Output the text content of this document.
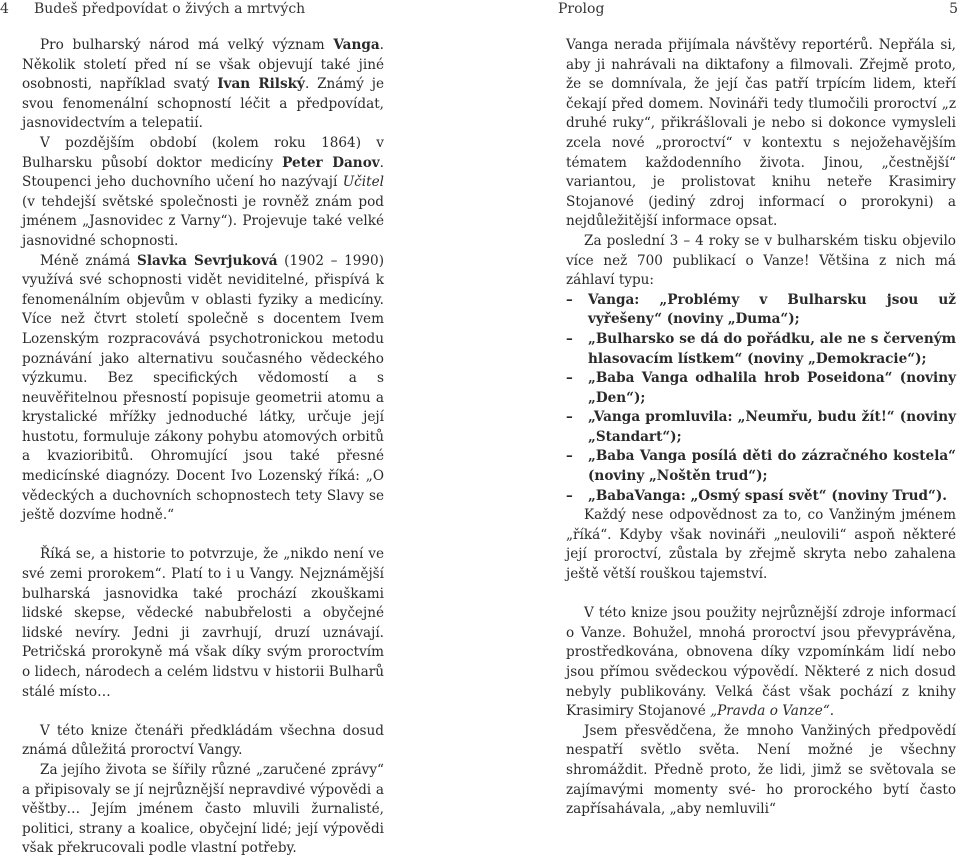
4 Budeš předpovídat o živých a mrtvých	Prolog	5

Pro bulharský národ má velký význam Vanga. Několik století před ní se však objevují také jiné osobnosti, například svatý Ivan Rilský. Známý je svou fenomenální schopností léčit a předpovídat, jasnovidectvím a telepatií.

V pozdějším období (kolem roku 1864) v Bulharsku působí doktor medicíny Peter Danov. Stoupenci jeho duchovního učení ho nazývají Učitel (v tehdejší světské společnosti je rovněž znám pod jménem „Jasnovidec z Varny“). Projevuje také velké jasnovidné schopnosti.

Méně známá Slavka Sevrjuková (1902 – 1990) využívá své schopnosti vidět neviditelné, přispívá k fenomenálním objevům v oblasti fyziky a medicíny. Více než čtvrt století společně s docentem Ivem Lozenským rozpracovává psychotronickou metodu poznávání jako alternativu současného vědeckého výzkumu. Bez specifických vědomostí a s neuvěřitelnou přesností popisuje geometrii atomu a krystalické mřížky jednoduché látky, určuje její hustotu, formuluje zákony pohybu atomových orbitů a kvazioribitů. Ohromující jsou také přesné medicínské diagnózy. Docent Ivo Lozenský říká: „O vědeckých a duchovních schopnostech tety Slavy se ještě dozvíme hodně.“

Říká se, a historie to potvrzuje, že „nikdo není ve své zemi prorokem“. Platí to i u Vangy. Nejznámější bulharská jasnovidka také prochází zkouškami lidské skepse, vědecké nabubřelosti a obyčejné lidské nevíry. Jedni ji zavrhují, druzí uznávají. Petričská prorokyně má však díky svým proroctvím o lidech, národech a celém lidstvu v historii Bulharů stálé místo…

V této knize čtenáři předkládám všechna dosud známá důležitá proroctví Vangy.

Za jejího života se šířily různé „zaručené zprávy“ a připisovaly se jí nejrůznější nepravdivé výpovědi a věštby… Jejím jménem často mluvili žurnalisté, politici, strany a koalice, obyčejní lidé; její výpovědi však překrucovali podle vlastní potřeby.

Vanga nerada přijímala návštěvy reportérů. Nepřála si, aby ji nahrávali na diktafony a filmovali. Zřejmě proto, že se domnívala, že její čas patří trpícím lidem, kteří čekají před domem. Novináři tedy tlumočili proroctví „z druhé ruky“, přikrášlovali je nebo si dokonce vymysleli zcela nové „proroctví“ v kontextu s nejožehavějším tématem každodenního života. Jinou, „čestnější“ variantou, je prolistovat knihu neteře Krasimiry Stojanové (jediný zdroj informací o prorokyni) a nejdůležitější informace opsat.

Za poslední 3 – 4 roky se v bulharském tisku objevilo více než 700 publikací o Vanze! Většina z nich má záhlaví typu:

– Vanga: „Problémy v Bulharsku jsou už vyřešeny“ (noviny „Duma“);
– „Bulharsko se dá do pořádku, ale ne s červeným hlasovacím lístkem“ (noviny „Demokracie“);
– „Baba Vanga odhalila hrob Poseidona“ (noviny „Den“);
– „Vanga promluvila: „Neumřu, budu žít!“ (noviny „Standart“);
– „Baba Vanga posílá děti do zázračného kostela“ (noviny „Noštěn trud“);
– „BabaVanga: „Osmý spasí svět“ (noviny Trud“).

Každý nese odpovědnost za to, co Vanžiným jménem „říká“. Kdyby však novináři „neulovili“ aspoň některé její proroctví, zůstala by zřejmě skryta nebo zahalena ještě větší rouškou tajemství.

V této knize jsou použity nejrůznější zdroje informací o Vanze. Bohužel, mnohá proroctví jsou převyprávěna, prostředkována, obnovena díky vzpomínkám lidí nebo jsou přímou svědeckou výpovědí. Některé z nich dosud nebyly publikovány. Velká část však pochází z knihy Krasimiry Stojanové „Pravda o Vanze“.

Jsem přesvědčena, že mnoho Vanžiných předpovědí nespatří světlo světa. Není možné je všechny shromáždit. Předně proto, že lidi, jimž se světovala se zajímavými momenty své- ho prorockého bytí často zapřísahávala, „aby nemluvili“
